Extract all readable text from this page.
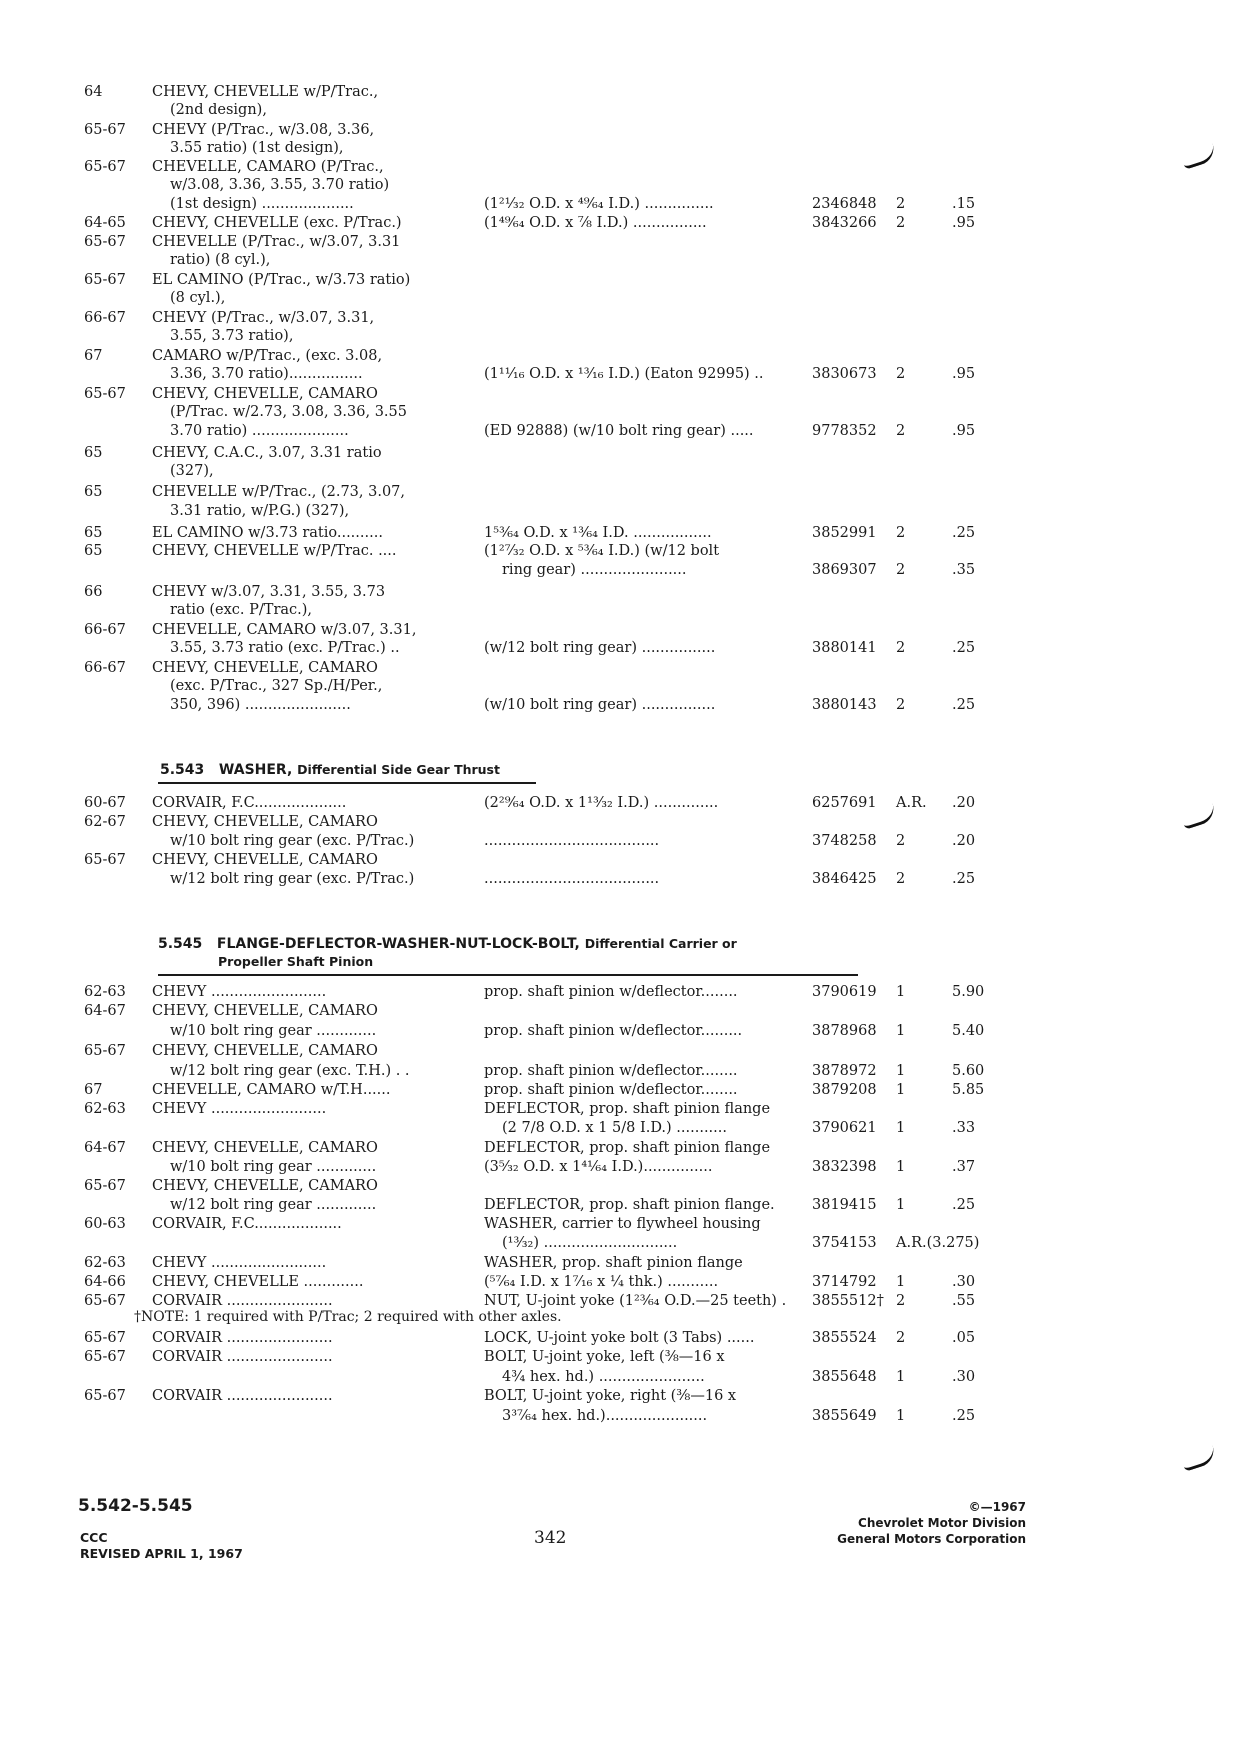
64	CHEVY, CHEVELLE w/P/Trac.,
(2nd design),
65-67 CHEVY (P/Trac., w/3.08, 3.36,
3.55 ratio) (1st design),
65-67 CHEVELLE, CAMARO (P/Trac.,
w/3.08, 3.36, 3.55, 3.70 ratio)
(1st design) ....................	(1²¹⁄₃₂ O.D. x ⁴⁹⁄₆₄ I.D.) ...............	2346848 2	.15
64-65 CHEVY, CHEVELLE (exc. P/Trac.)	(1⁴⁹⁄₆₄ O.D. x ⅞ I.D.) ................	3843266 2	.95
65-67 CHEVELLE (P/Trac., w/3.07, 3.31
ratio) (8 cyl.),
65-67 EL CAMINO (P/Trac., w/3.73 ratio)
(8 cyl.),
66-67 CHEVY (P/Trac., w/3.07, 3.31,
3.55, 3.73 ratio),
67	CAMARO w/P/Trac., (exc. 3.08,
3.36, 3.70 ratio)................	(1¹¹⁄₁₆ O.D. x ¹³⁄₁₆ I.D.) (Eaton 92995) ..	3830673 2	.95
65-67 CHEVY, CHEVELLE, CAMARO
(P/Trac. w/2.73, 3.08, 3.36, 3.55
3.70 ratio) .....................	(ED 92888) (w/10 bolt ring gear) .....	9778352 2	.95
65	CHEVY, C.A.C., 3.07, 3.31 ratio
(327),
65	CHEVELLE w/P/Trac., (2.73, 3.07,
3.31 ratio, w/P.G.) (327),
65	EL CAMINO w/3.73 ratio..........	1⁵³⁄₆₄ O.D. x ¹³⁄₆₄ I.D. .................	3852991 2	.25
65	CHEVY, CHEVELLE w/P/Trac. ....	(1²⁷⁄₃₂ O.D. x ⁵³⁄₆₄ I.D.) (w/12 bolt
ring gear) .......................	3869307 2	.35
66	CHEVY w/3.07, 3.31, 3.55, 3.73
ratio (exc. P/Trac.),
66-67 CHEVELLE, CAMARO w/3.07, 3.31,
3.55, 3.73 ratio (exc. P/Trac.) ..	(w/12 bolt ring gear) ................	3880141 2	.25
66-67 CHEVY, CHEVELLE, CAMARO
(exc. P/Trac., 327 Sp./H/Per.,
350, 396) .......................	(w/10 bolt ring gear) ................	3880143 2	.25
5.543 WASHER, Differential Side Gear Thrust
60-67 CORVAIR, F.C....................	(2²⁹⁄₆₄ O.D. x 1¹³⁄₃₂ I.D.) ..............	6257691 A.R. .20
62-67 CHEVY, CHEVELLE, CAMARO
w/10 bolt ring gear (exc. P/Trac.)	......................................	3748258 2	.20
65-67 CHEVY, CHEVELLE, CAMARO
w/12 bolt ring gear (exc. P/Trac.)	......................................	3846425 2	.25
5.545 FLANGE-DEFLECTOR-WASHER-NUT-LOCK-BOLT, Differential Carrier or
Propeller Shaft Pinion
62-63 CHEVY .........................	prop. shaft pinion w/deflector........	3790619 1	5.90
64-67 CHEVY, CHEVELLE, CAMARO
w/10 bolt ring gear .............	prop. shaft pinion w/deflector.........	3878968 1	5.40
65-67 CHEVY, CHEVELLE, CAMARO
w/12 bolt ring gear (exc. T.H.) . .	prop. shaft pinion w/deflector........	3878972 1	5.60
67	CHEVELLE, CAMARO w/T.H......	prop. shaft pinion w/deflector........	3879208 1	5.85
62-63 CHEVY .........................	DEFLECTOR, prop. shaft pinion flange
(2 7/8 O.D. x 1 5/8 I.D.) ...........	3790621 1	.33
64-67 CHEVY, CHEVELLE, CAMARO	DEFLECTOR, prop. shaft pinion flange
w/10 bolt ring gear .............	(3⁵⁄₃₂ O.D. x 1⁴¹⁄₆₄ I.D.)...............	3832398 1	.37
65-67 CHEVY, CHEVELLE, CAMARO
w/12 bolt ring gear .............	DEFLECTOR, prop. shaft pinion flange.	3819415 1	.25
60-63 CORVAIR, F.C...................	WASHER, carrier to flywheel housing
(¹³⁄₃₂) .............................	3754153 A.R.(3.275)
62-63 CHEVY .........................	WASHER, prop. shaft pinion flange
64-66 CHEVY, CHEVELLE .............	(⁵⁷⁄₆₄ I.D. x 1⁷⁄₁₆ x ¼ thk.) ...........	3714792 1	.30
65-67 CORVAIR .......................	NUT, U-joint yoke (1²³⁄₆₄ O.D.—25 teeth) . 3855512† 2	.55
†NOTE: 1 required with P/Trac; 2 required with other axles.
65-67 CORVAIR .......................	LOCK, U-joint yoke bolt (3 Tabs) ......	3855524 2	.05
65-67 CORVAIR .......................	BOLT, U-joint yoke, left (⅜—16 x
4¾ hex. hd.) .......................	3855648 1	.30
65-67 CORVAIR .......................	BOLT, U-joint yoke, right (⅜—16 x
3³⁷⁄₆₄ hex. hd.)......................	3855649 1	.25
5.542-5.545
CCC
REVISED APRIL 1, 1967
342
©—1967
Chevrolet Motor Division
General Motors Corporation
